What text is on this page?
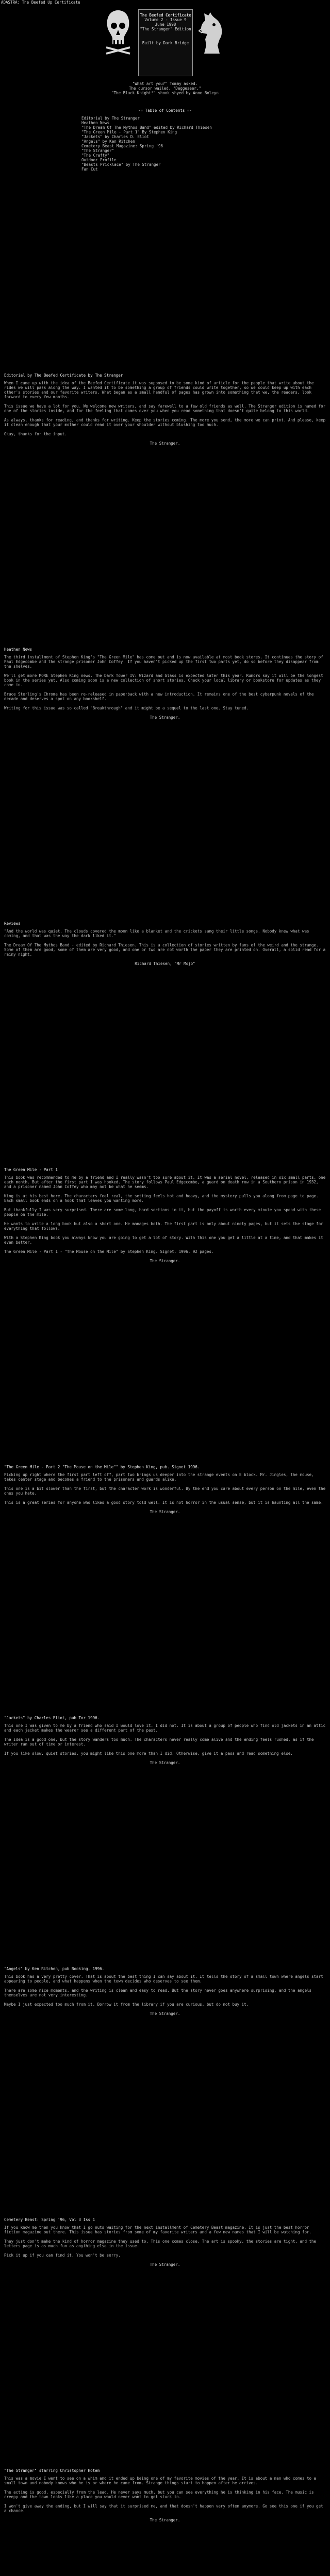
ADASTRA: The Beefed Up Certificate
The Beefed Certificate
Volume 2 - Issue 9
June 1998
"The Stranger" Edition

Built by Dark Bridge

"What art you?" Tommy asked.

The cursor wailed. "Deggeseer."

"The Black Knight!" shook shyed by Anne Boleyn

-= Table of Contents =-
Editorial by The Stranger
Heathen News
"The Dream Of The Mythos Band" edited by Richard Thiesen
"The Green Mile - Part 1" By Stephen King
"Jackets" by Charles D. Eliot
"Angels" by Ken Ritchen
Cemetery Beast Magazine: Spring '96
"The Stranger"
"The Crafty"
Outdoor Profile
"Beasts Pricklace" by The Stranger
Fan Cut
Editorial by The Beefed Certificate by The Stranger

When I came up with the idea of the Beefed Certificate it was supposed to be some kind of article for the people that write about the rides we will pass along the way. I wanted it to be something a group of friends could write together, so we could keep up with each other's stories and our favorite writers. What began as a small handful of pages has grown into something that we, the readers, look forward to every few months.

This issue we have a lot for you. We welcome new writers, and say farewell to a few old friends as well. The Stranger edition is named for one of the stories inside, and for the feeling that comes over you when you read something that doesn't quite belong to this world.

As always, thanks for reading, and thanks for writing. Keep the stories coming. The more you send, the more we can print. And please, keep it clean enough that your mother could read it over your shoulder without blushing too much.

Okay, thanks for the input.

The Stranger.
Heathen News

The third installment of Stephen King's "The Green Mile" has come out and is now available at most book stores. It continues the story of Paul Edgecombe and the strange prisoner John Coffey. If you haven't picked up the first two parts yet, do so before they disappear from the shelves.

We'll get more MORE Stephen King news. The Dark Tower IV: Wizard and Glass is expected later this year. Rumors say it will be the longest book in the series yet. Also coming soon is a new collection of short stories. Check your local library or bookstore for updates as they come in.

Bruce Sterling's Chrome has been re-released in paperback with a new introduction. It remains one of the best cyberpunk novels of the decade and deserves a spot on any bookshelf.

Writing for this issue was so called "Breakthrough" and it might be a sequel to the last one. Stay tuned.

The Stranger.
Reviews

"And the world was quiet. The clouds covered the moon like a blanket and the crickets sang their little songs. Nobody knew what was coming, and that was the way the dark liked it."

The Dream Of The Mythos Band - edited by Richard Thiesen. This is a collection of stories written by fans of the weird and the strange. Some of them are good, some of them are very good, and one or two are not worth the paper they are printed on. Overall, a solid read for a rainy night.

Richard Thiesen, "Mr Mojo"
The Green Mile - Part 1

This book was recommended to me by a friend and I really wasn't too sure about it. It was a serial novel, released in six small parts, one each month. But after the first part I was hooked. The story follows Paul Edgecombe, a guard on death row in a Southern prison in 1932, and a prisoner named John Coffey who may not be what he seems.

King is at his best here. The characters feel real, the setting feels hot and heavy, and the mystery pulls you along from page to page. Each small book ends on a hook that leaves you wanting more.

But thankfully I was very surprised. There are some long, hard sections in it, but the payoff is worth every minute you spend with these people on the mile.

He wants to write a long book but also a short one. He manages both. The first part is only about ninety pages, but it sets the stage for everything that follows.

With a Stephen King book you always know you are going to get a lot of story. With this one you get a little at a time, and that makes it even better.

The Green Mile - Part 1 - "The Mouse on the Mile" by Stephen King. Signet. 1996. 92 pages.

The Stranger.
"The Green Mile - Part 2 "The Mouse on the Mile"" by Stephen King, pub. Signet 1996.

Picking up right where the first part left off, part two brings us deeper into the strange events on E block. Mr. Jingles, the mouse, takes center stage and becomes a friend to the prisoners and guards alike.

This one is a bit slower than the first, but the character work is wonderful. By the end you care about every person on the mile, even the ones you hate.

This is a great series for anyone who likes a good story told well. It is not horror in the usual sense, but it is haunting all the same.

The Stranger.
"Jackets" by Charles Eliot, pub Tor 1996.

This one I was given to me by a friend who said I would love it. I did not. It is about a group of people who find old jackets in an attic and each jacket makes the wearer see a different part of the past.

The idea is a good one, but the story wanders too much. The characters never really come alive and the ending feels rushed, as if the writer ran out of time or interest.

If you like slow, quiet stories, you might like this one more than I did. Otherwise, give it a pass and read something else.

The Stranger.
"Angels" by Ken Ritchen, pub Rooking. 1996.

This book has a very pretty cover. That is about the best thing I can say about it. It tells the story of a small town where angels start appearing to people, and what happens when the town decides who deserves to see them.

There are some nice moments, and the writing is clean and easy to read. But the story never goes anywhere surprising, and the angels themselves are not very interesting.

Maybe I just expected too much from it. Borrow it from the library if you are curious, but do not buy it.

The Stranger.
Cemetery Beast: Spring '96, Vol 3 Iss 1

If you know me then you know that I go nuts waiting for the next installment of Cemetery Beast magazine. It is just the best horror fiction magazine out there. This issue has stories from some of my favorite writers and a few new names that I will be watching for.

They just don't make the kind of horror magazine they used to. This one comes close. The art is spooky, the stories are tight, and the letters page is as much fun as anything else in the issue.

Pick it up if you can find it. You won't be sorry.

The Stranger.
"The Stranger" starring Christopher Hotem

This was a movie I went to see on a whim and it ended up being one of my favorite movies of the year. It is about a man who comes to a small town and nobody knows who he is or where he came from. Strange things start to happen after he arrives.

The acting is good, especially from the lead. He never says much, but you can see everything he is thinking in his face. The music is creepy and the town looks like a place you would never want to get stuck in.

I won't give away the ending, but I will say that it surprised me, and that doesn't happen very often anymore. Go see this one if you get a chance.

The Stranger.
